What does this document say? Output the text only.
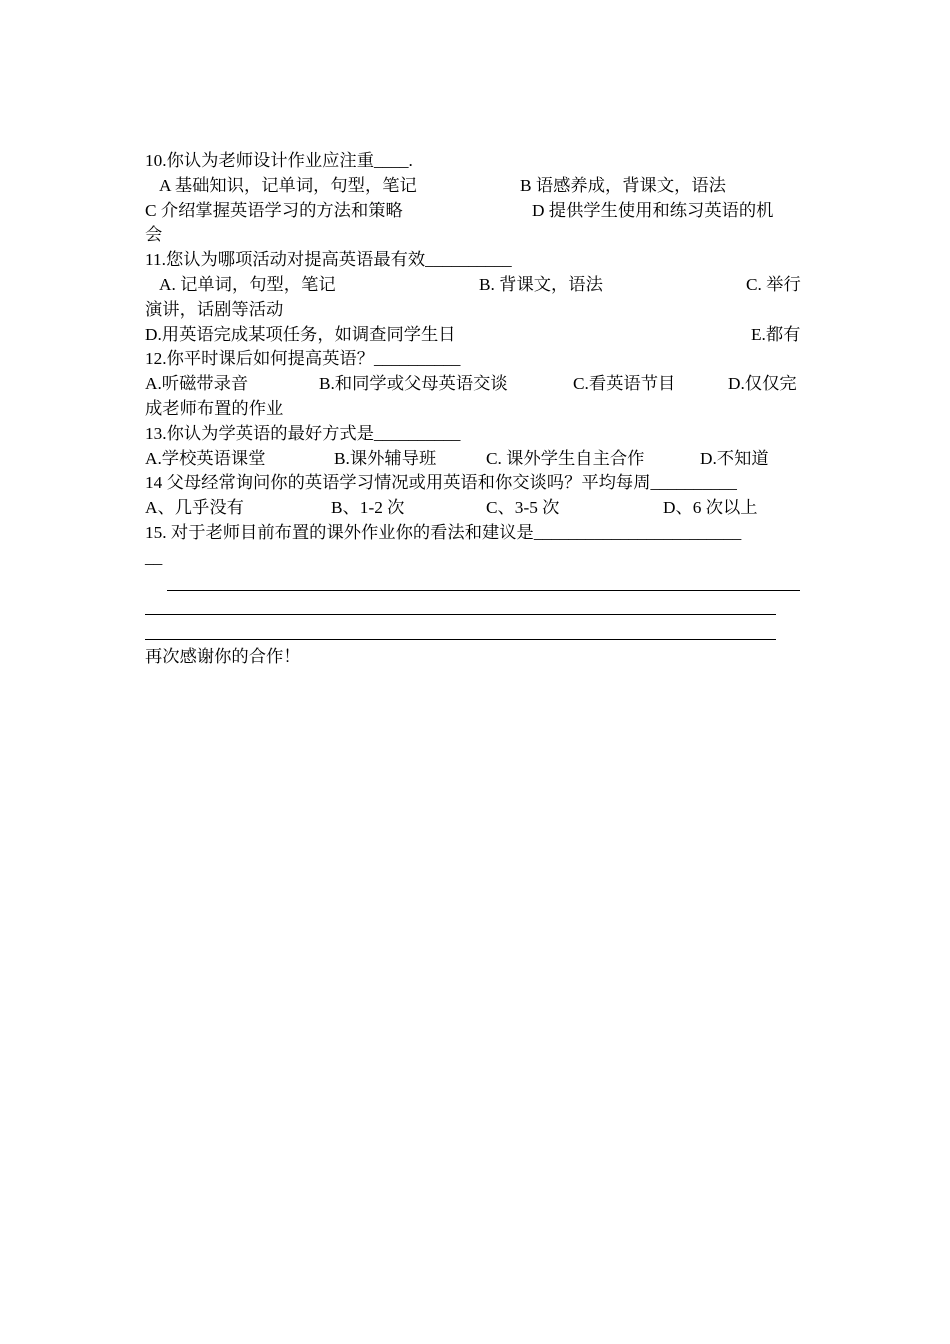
10.你认为老师设计作业应注重____.
A 基础知识，记单词，句型，笔记	B 语感养成，背课文，语法
C 介绍掌握英语学习的方法和策略	D 提供学生使用和练习英语的机
会
11.您认为哪项活动对提高英语最有效__________
A. 记单词，句型，笔记	B. 背课文，语法	C. 举行
演讲，话剧等活动
D.用英语完成某项任务，如调查同学生日	E.都有
12.你平时课后如何提高英语？__________
A.听磁带录音	B.和同学或父母英语交谈	C.看英语节目	D.仅仅完
成老师布置的作业
13.你认为学英语的最好方式是__________
A.学校英语课堂	B.课外辅导班	C. 课外学生自主合作	D.不知道
14 父母经常询问你的英语学习情况或用英语和你交谈吗？平均每周__________
A、几乎没有	B、1-2 次	C、3-5 次	D、6 次以上
15. 对于老师目前布置的课外作业你的看法和建议是________________________
__
再次感谢你的合作！
